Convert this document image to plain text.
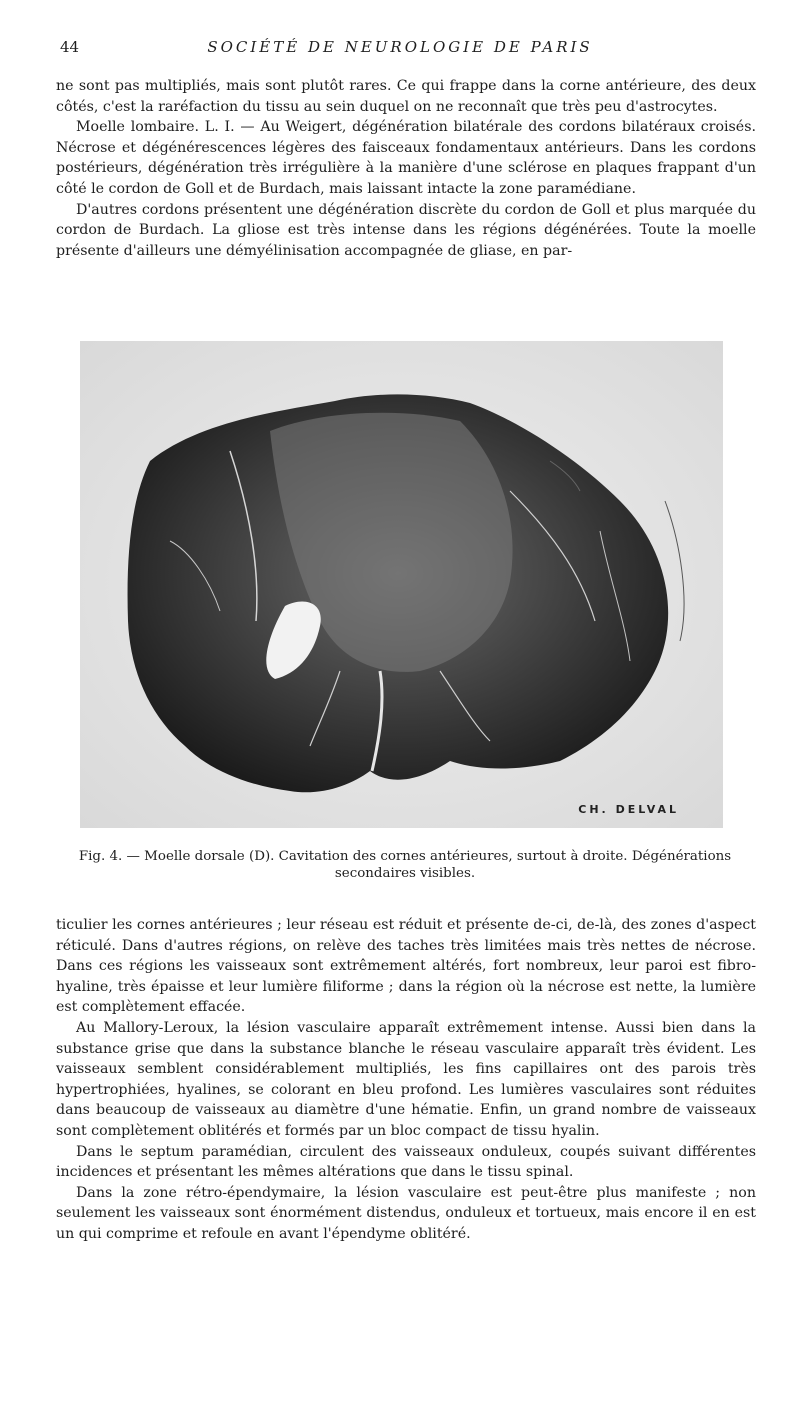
44	SOCIÉTÉ DE NEUROLOGIE DE PARIS

ne sont pas multipliés, mais sont plutôt rares. Ce qui frappe dans la corne antérieure, des deux côtés, c'est la raréfaction du tissu au sein duquel on ne reconnaît que très peu d'astrocytes.

Moelle lombaire. L. I. — Au Weigert, dégénération bilatérale des cordons bilatéraux croisés. Nécrose et dégénérescences légères des faisceaux fondamentaux antérieurs. Dans les cordons postérieurs, dégénération très irrégulière à la manière d'une sclérose en plaques frappant d'un côté le cordon de Goll et de Burdach, mais laissant intacte la zone paramédiane.

D'autres cordons présentent une dégénération discrète du cordon de Goll et plus marquée du cordon de Burdach. La gliose est très intense dans les régions dégénérées. Toute la moelle présente d'ailleurs une démyélinisation accompagnée de gliase, en par-

CH. DELVAL
Fig. 4. — Moelle dorsale (D). Cavitation des cornes antérieures, surtout à droite. Dégénérations secondaires visibles.

ticulier les cornes antérieures ; leur réseau est réduit et présente de-ci, de-là, des zones d'aspect réticulé. Dans d'autres régions, on relève des taches très limitées mais très nettes de nécrose. Dans ces régions les vaisseaux sont extrêmement altérés, fort nombreux, leur paroi est fibro-hyaline, très épaisse et leur lumière filiforme ; dans la région où la nécrose est nette, la lumière est complètement effacée.

Au Mallory-Leroux, la lésion vasculaire apparaît extrêmement intense. Aussi bien dans la substance grise que dans la substance blanche le réseau vasculaire apparaît très évident. Les vaisseaux semblent considérablement multipliés, les fins capillaires ont des parois très hypertrophiées, hyalines, se colorant en bleu profond. Les lumières vasculaires sont réduites dans beaucoup de vaisseaux au diamètre d'une hématie. Enfin, un grand nombre de vaisseaux sont complètement oblitérés et formés par un bloc compact de tissu hyalin.

Dans le septum paramédian, circulent des vaisseaux onduleux, coupés suivant différentes incidences et présentant les mêmes altérations que dans le tissu spinal.

Dans la zone rétro-épendymaire, la lésion vasculaire est peut-être plus manifeste ; non seulement les vaisseaux sont énormément distendus, onduleux et tortueux, mais encore il en est un qui comprime et refoule en avant l'épendyme oblitéré.
